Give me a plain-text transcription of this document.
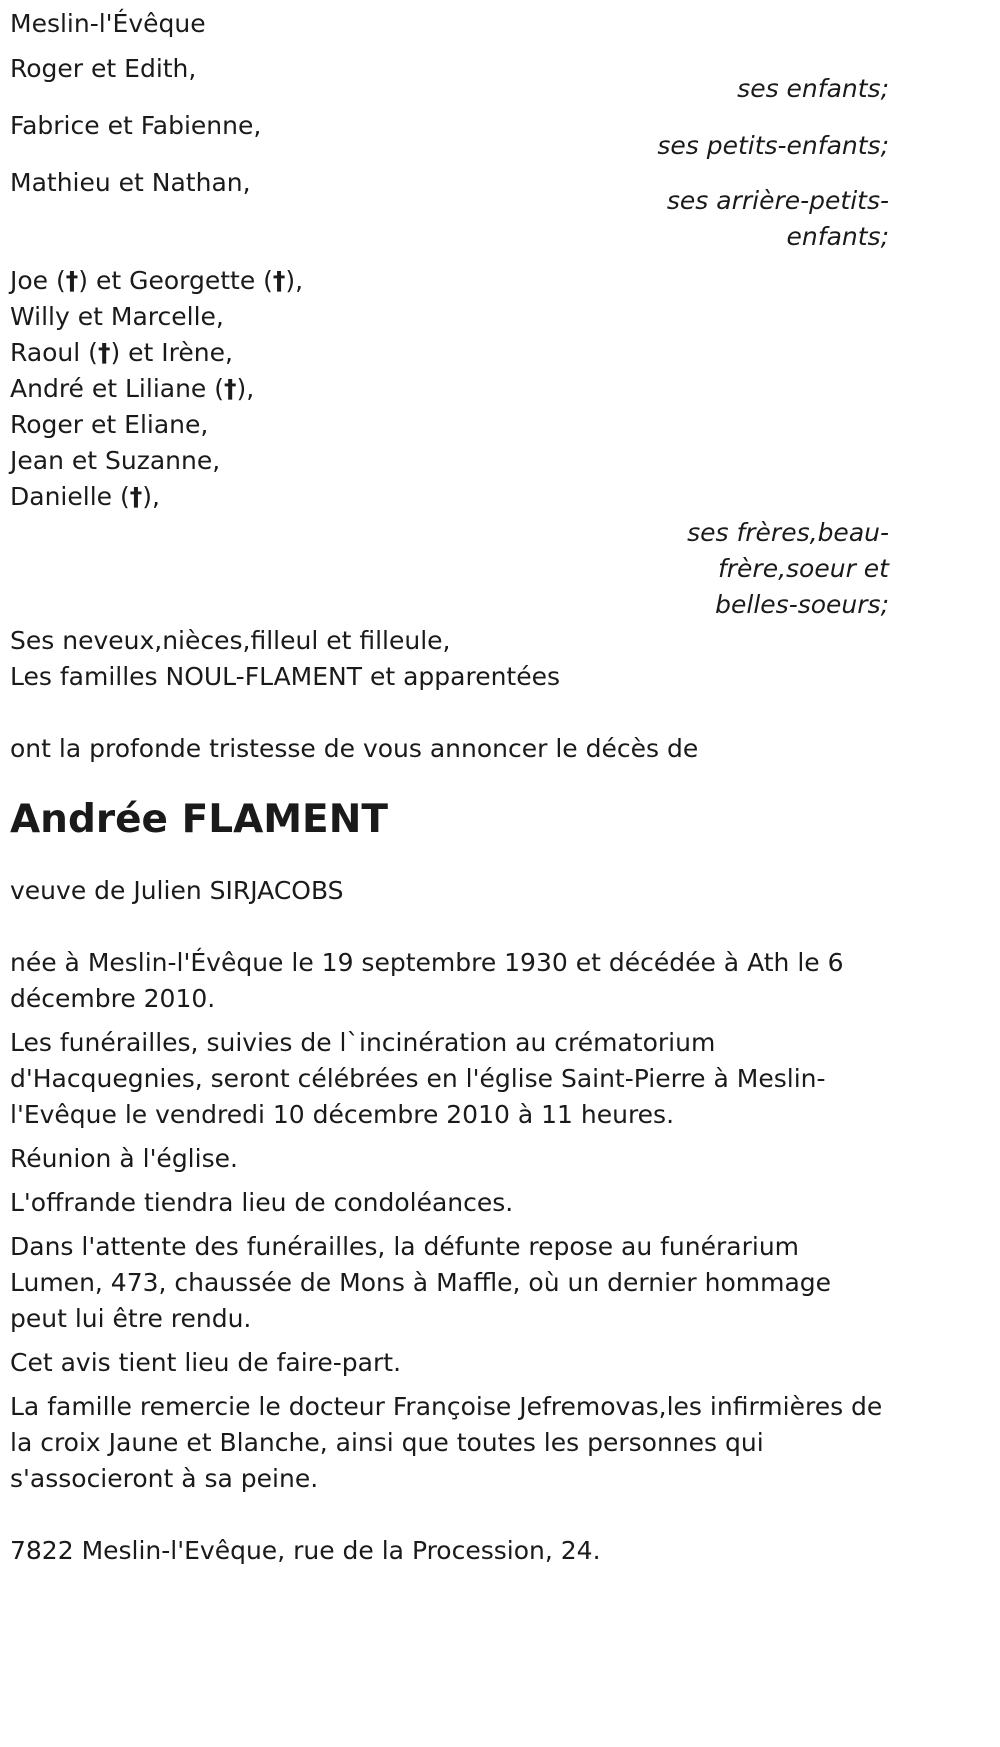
Meslin-l'Évêque
Roger et Edith,
ses enfants;
Fabrice et Fabienne,
ses petits-enfants;
Mathieu et Nathan,
ses arrière-petits-
enfants;
Joe (†) et Georgette (†),
Willy et Marcelle,
Raoul (†) et Irène,
André et Liliane (†),
Roger et Eliane,
Jean et Suzanne,
Danielle (†),
ses frères,beau-
frère,soeur et
belles-soeurs;
Ses neveux,nièces,filleul et filleule,
Les familles NOUL-FLAMENT et apparentées
ont la profonde tristesse de vous annoncer le décès de
Andrée FLAMENT
veuve de Julien SIRJACOBS
née à Meslin-l'Évêque le 19 septembre 1930 et décédée à Ath le 6 décembre 2010.
Les funérailles, suivies de l`incinération au crématorium d'Hacquegnies, seront célébrées en l'église Saint-Pierre à Meslin-l'Evêque le vendredi 10 décembre 2010 à 11 heures.
Réunion à l'église.
L'offrande tiendra lieu de condoléances.
Dans l'attente des funérailles, la défunte repose au funérarium Lumen, 473, chaussée de Mons à Maffle, où un dernier hommage peut lui être rendu.
Cet avis tient lieu de faire-part.
La famille remercie le docteur Françoise Jefremovas,les infirmières de la croix Jaune et Blanche, ainsi que toutes les personnes qui s'associeront à sa peine.
7822 Meslin-l'Evêque, rue de la Procession, 24.
